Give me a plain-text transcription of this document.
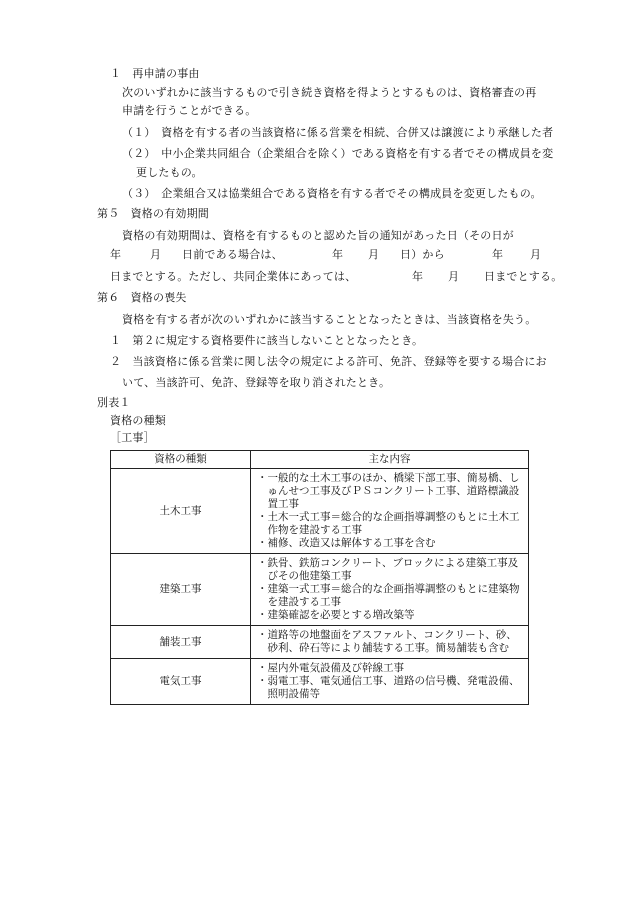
１　再申請の事由
次のいずれかに該当するもので引き続き資格を得ようとするものは、資格審査の再
申請を行うことができる。
（１）　資格を有する者の当該資格に係る営業を相続、合併又は譲渡により承継した者
（２）　中小企業共同組合（企業組合を除く）である資格を有する者でその構成員を変
更したもの。
（３）　企業組合又は協業組合である資格を有する者でその構成員を変更したもの。
第５　資格の有効期間
資格の有効期間は、資格を有するものと認めた旨の通知があった日（その日が
年	月 日前である場合は、	年 月 日）から	年 月
日までとする。ただし、共同企業体にあっては、	年 月 日までとする。
第６　資格の喪失
資格を有する者が次のいずれかに該当することとなったときは、当該資格を失う。
１　第２に規定する資格要件に該当しないこととなったとき。
２　当該資格に係る営業に関し法令の規定による許可、免許、登録等を要する場合にお
いて、当該許可、免許、登録等を取り消されたとき。
別表１
資格の種類
［工事］
資格の種類	主な内容
土木工事	・一般的な土木工事のほか、橋梁下部工事、簡易橋、しゅんせつ工事及びＰＳコンクリート工事、道路標識設置工事
・土木一式工事＝総合的な企画指導調整のもとに土木工作物を建設する工事
・補修、改造又は解体する工事を含む

建築工事	・鉄骨、鉄筋コンクリート、ブロックによる建築工事及びその他建築工事
・建築一式工事＝総合的な企画指導調整のもとに建築物を建設する工事
・建築確認を必要とする増改築等

舗装工事	・道路等の地盤面をアスファルト、コンクリート、砂、砂利、砕石等により舗装する工事。簡易舗装も含む

電気工事	・屋内外電気設備及び幹線工事
・弱電工事、電気通信工事、道路の信号機、発電設備、照明設備等
